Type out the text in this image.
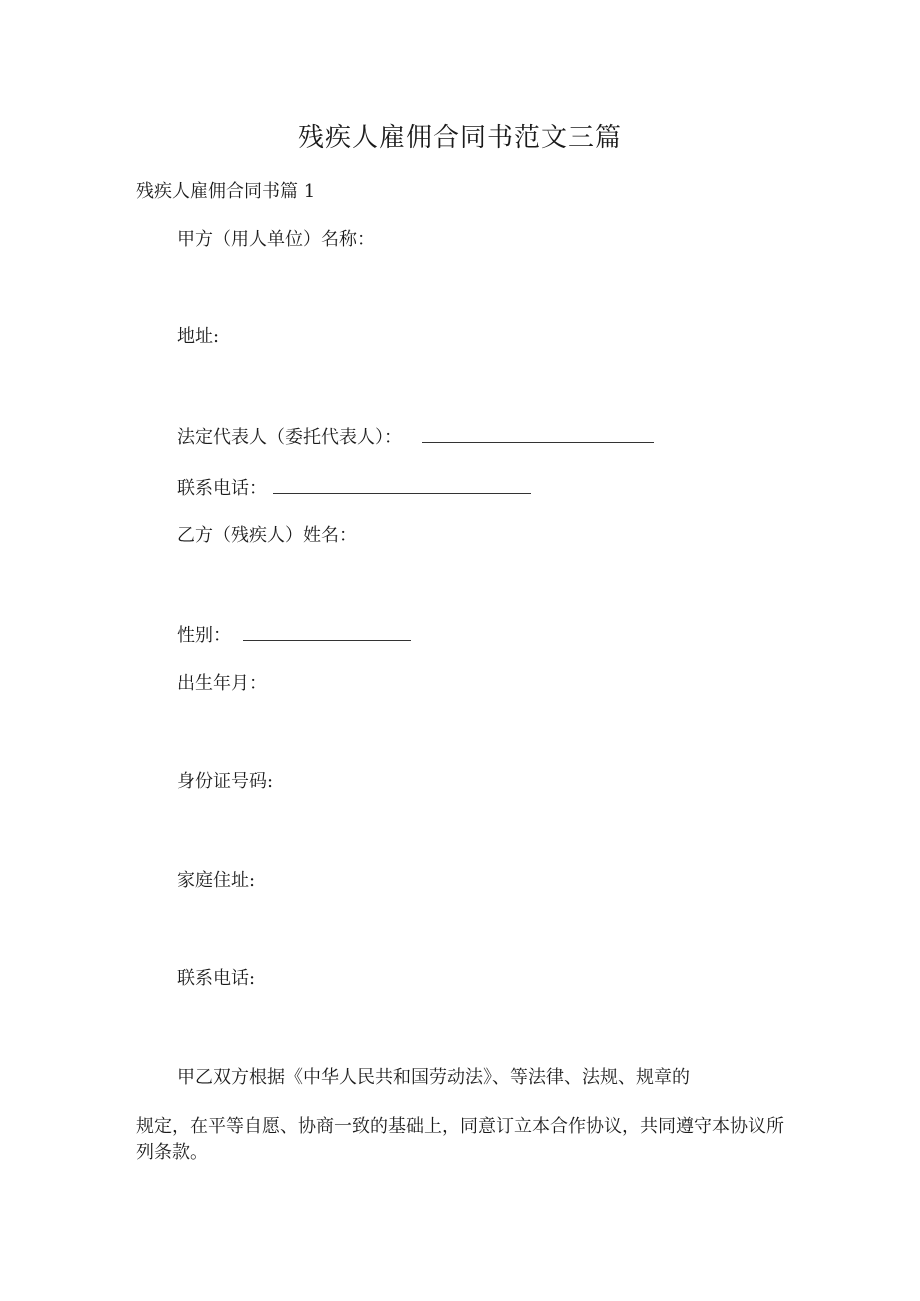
残疾人雇佣合同书范文三篇
残疾人雇佣合同书篇 1
甲方（用人单位）名称：
地址:
法定代表人（委托代表人）：
联系电话：
乙方（残疾人）姓名：
性别：
出生年月：
身份证号码:
家庭住址:
联系电话:
甲乙双方根据《中华人民共和国劳动法》、等法律、法规、规章的
规定，在平等自愿、协商一致的基础上，同意订立本合作协议，共同遵守本协议所列条款。
